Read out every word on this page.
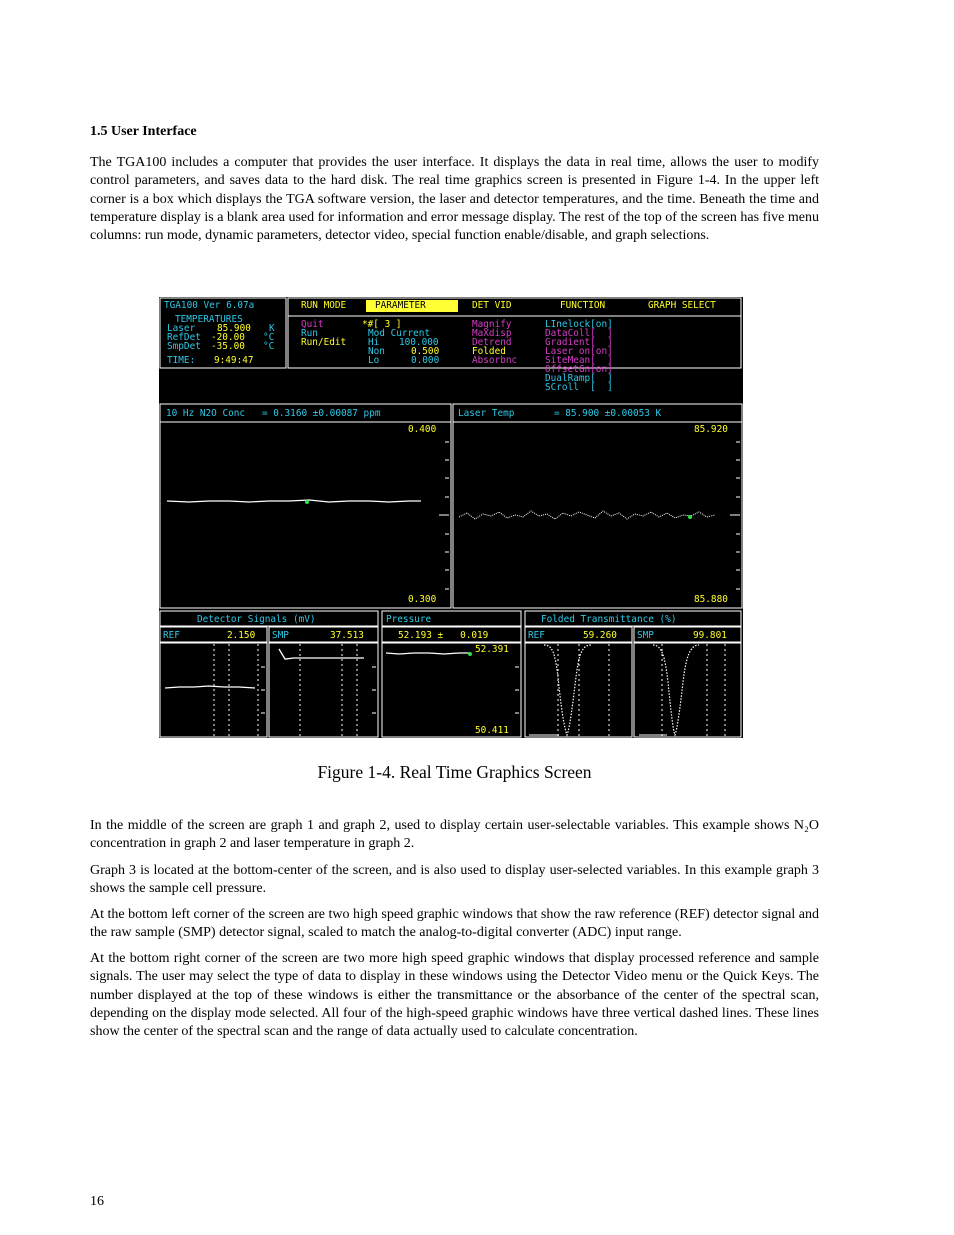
1.5 User Interface
The TGA100 includes a computer that provides the user interface. It displays the data in real time, allows the user to modify control parameters, and saves data to the hard disk. The real time graphics screen is presented in Figure 1-4. In the upper left corner is a box which displays the TGA software version, the laser and detector temperatures, and the time. Beneath the time and temperature display is a blank area used for information and error message display. The rest of the top of the screen has five menu columns: run mode, dynamic parameters, detector video, special function enable/disable, and graph selections.
TGA100 Ver 6.07a
TEMPERATURES
Laser 85.900 K
RefDet -20.00 °C
SmpDet -35.00 °C
TIME: 9:49:47
RUN MODE	PARAMETER	DET VID	FUNCTION	GRAPH SELECT
Quit
Run
Run/Edit
*#[ 3 ]
Mod Current
Hi 100.000
Non	0.500
Lo	0.000
Magnify
MaXdisp
Detrend
Folded
Absorbnc
LInelock[on]
DataColl[  ]
Gradient[  ]
Laser on[on]
SiteMean[  ]
OffsetGn[on]
DualRamp[  ]
SCroll  [  ]
10 Hz N2O Conc   = 0.3160 ±0.00087 ppm	Laser Temp       = 85.900 ±0.00053 K
0.400
0.300
85.920
85.880
Detector Signals (mV)	Pressure	Folded Transmittance (%)
REF	2.150 SMP	37.513	52.193 ±   0.019	REF	59.260 SMP	99.801
52.391
50.411
Figure 1-4. Real Time Graphics Screen
In the middle of the screen are graph 1 and graph 2, used to display certain user-selectable variables. This example shows N₂O concentration in graph 2 and laser temperature in graph 2.
Graph 3 is located at the bottom-center of the screen, and is also used to display user-selected variables. In this example graph 3 shows the sample cell pressure.
At the bottom left corner of the screen are two high speed graphic windows that show the raw reference (REF) detector signal and the raw sample (SMP) detector signal, scaled to match the analog-to-digital converter (ADC) input range.
At the bottom right corner of the screen are two more high speed graphic windows that display processed reference and sample signals. The user may select the type of data to display in these windows using the Detector Video menu or the Quick Keys. The number displayed at the top of these windows is either the transmittance or the absorbance of the center of the spectral scan, depending on the display mode selected. All four of the high-speed graphic windows have three vertical dashed lines. These lines show the center of the spectral scan and the range of data actually used to calculate concentration.
16
